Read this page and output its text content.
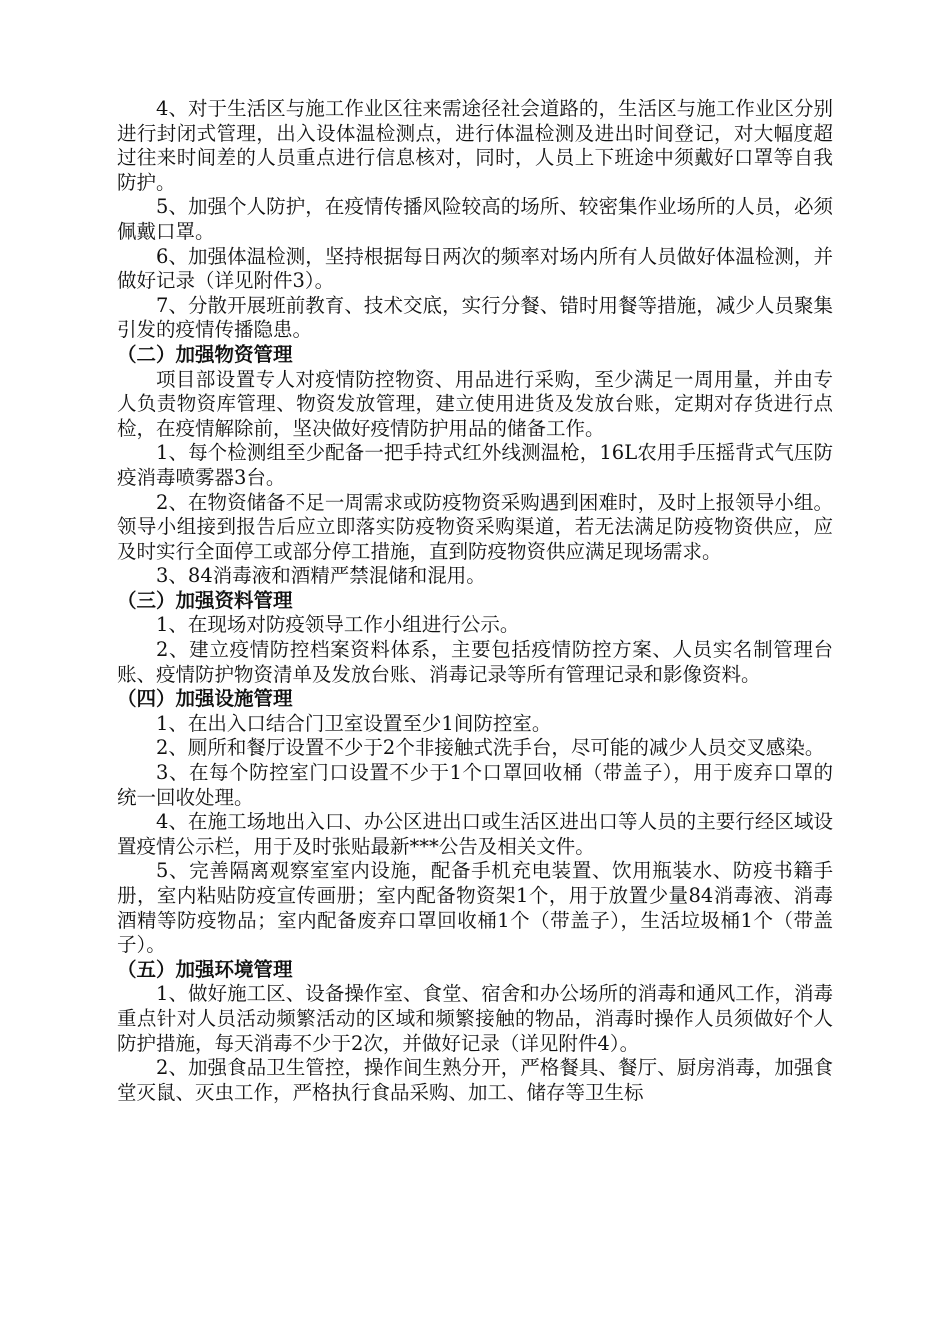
4、对于生活区与施工作业区往来需途径社会道路的，生活区与施工作业区分别进行封闭式管理，出入设体温检测点，进行体温检测及进出时间登记，对大幅度超过往来时间差的人员重点进行信息核对，同时，人员上下班途中须戴好口罩等自我防护。

5、加强个人防护，在疫情传播风险较高的场所、较密集作业场所的人员，必须佩戴口罩。

6、加强体温检测，坚持根据每日两次的频率对场内所有人员做好体温检测，并做好记录（详见附件3）。

7、分散开展班前教育、技术交底，实行分餐、错时用餐等措施，减少人员聚集引发的疫情传播隐患。

（二）加强物资管理

项目部设置专人对疫情防控物资、用品进行采购，至少满足一周用量，并由专人负责物资库管理、物资发放管理，建立使用进货及发放台账，定期对存货进行点检，在疫情解除前，坚决做好疫情防护用品的储备工作。

1、每个检测组至少配备一把手持式红外线测温枪，16L农用手压摇背式气压防疫消毒喷雾器3台。

2、在物资储备不足一周需求或防疫物资采购遇到困难时，及时上报领导小组。领导小组接到报告后应立即落实防疫物资采购渠道，若无法满足防疫物资供应，应及时实行全面停工或部分停工措施，直到防疫物资供应满足现场需求。

3、84消毒液和酒精严禁混储和混用。

（三）加强资料管理

1、在现场对防疫领导工作小组进行公示。

2、建立疫情防控档案资料体系，主要包括疫情防控方案、人员实名制管理台账、疫情防护物资清单及发放台账、消毒记录等所有管理记录和影像资料。

（四）加强设施管理

1、在出入口结合门卫室设置至少1间防控室。

2、厕所和餐厅设置不少于2个非接触式洗手台，尽可能的减少人员交叉感染。

3、在每个防控室门口设置不少于1个口罩回收桶（带盖子），用于废弃口罩的统一回收处理。

4、在施工场地出入口、办公区进出口或生活区进出口等人员的主要行经区域设置疫情公示栏，用于及时张贴最新***公告及相关文件。

5、完善隔离观察室室内设施，配备手机充电装置、饮用瓶装水、防疫书籍手册，室内粘贴防疫宣传画册；室内配备物资架1个，用于放置少量84消毒液、消毒酒精等防疫物品；室内配备废弃口罩回收桶1个（带盖子），生活垃圾桶1个（带盖子）。

（五）加强环境管理

1、做好施工区、设备操作室、食堂、宿舍和办公场所的消毒和通风工作，消毒重点针对人员活动频繁活动的区域和频繁接触的物品，消毒时操作人员须做好个人防护措施，每天消毒不少于2次，并做好记录（详见附件4）。

2、加强食品卫生管控，操作间生熟分开，严格餐具、餐厅、厨房消毒，加强食堂灭鼠、灭虫工作，严格执行食品采购、加工、储存等卫生标
